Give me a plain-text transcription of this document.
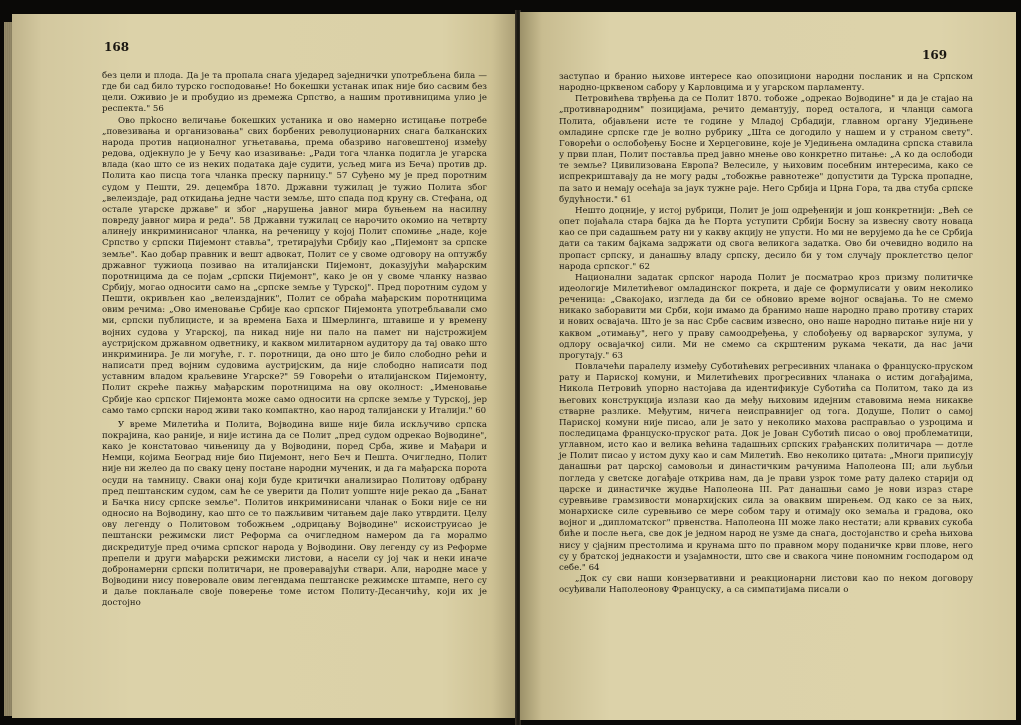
168

без цели и плода. Да је та пропала снага уједаред заједнички употребљена била — где би сад било турско господовање! Но бокешки устанак ипак није био сасвим без цели. Оживио је и пробудио из дремежа Српство, а нашим противницима улио је респекта." 56

Ово прkосно величање бокешких устаника и ово намерно истицање потребе „повезивања и организовања" свих борбених револуционарних снага балканских народа против националног угњетавања, према обазриво наговештеној између редова, одјекнуло је у Бечу као изазивање: „Ради тога чланка подигла је угарска влада (као што се из неких података даје судити, усљед мига из Беча) против др. Полита као писца тога чланка преску парницу." 57 Суђено му је пред поротним судом у Пешти, 29. децембра 1870. Државни тужилац је тужио Полита због „велеиздаје, рад откидања једне части земље, што спада под круну св. Стефана, од осталe угарске државе" и због „нарушења јавног мира буњењем на насилну повреду јавног мира и реда". 58 Државни тужилац се нарочито окомио на четврту алинеју инкриминисаног чланка, на реченицу у којој Полит спомиње „наде, које Српство у српски Пијемонт ставља", третирајући Србију као „Пијемонт за српске земље". Као добар правник и вешт адвокат, Полит се у своме одговору на оптужбу државног тужиоца позивао на италијански Пијемонт, доказујући мађарским поротницима да се појам „српски Пијемонт", како је он у своме чланку назвао Србију, могао односити само на „српске земље у Турској". Пред поротним судом у Пешти, окривљен као „велеиздајник", Полит се обраћа мађарским поротницима овим речима: „Ово именовање Србије као српског Пијемонта употребљавали смо ми, српски публицисте, и за времена Баха и Шмерлинга, штавише и у времену војних судова у Угарској, па никад није ни пало на памет ни најстрожијем аустријском државном одветнику, и каквом милитарном аудитору да тај овако што инкриминира. Је ли могуће, г. г. поротници, да оно што је било слободно рећи и написати пред војним судовима аустријским, да није слободно написати под уставним владом краљевине Угарске?" 59 Говорећи о италијанском Пијемонту, Полит скреће пажњу мађарским поротницима на ову околност: „Именовање Србије као српског Пијемонта може само односити на српске земље у Турској, јер само тамо српски народ живи тако компактно, као народ талијански у Италији." 60

У време Милетића и Полита, Војводина више није била искључиво српска покрајина, као раније, и није истина да се Полит „пред судом одрекао Војводине", како је констатовао чињеницу да у Војводини, поред Срба, живе и Мађари и Немци, којима Београд није био Пијемонт, него Беч и Пешта. Очигледно, Полит није ни желео да по свакy цену постане народни мученик, и да га мађарска порота осуди на тамницу. Сваки онај који буде критички анализирао Политову одбрану пред пештанским судом, сам ће се уверити да Полит уопште није рекао да „Банат и Бачка нису српске земље". Политов инкриминисани чланак о Боки није се ни односио на Војводину, као што се то пажљивим читањем даје лако утврдити. Целу ову легенду о Политовом тобожњем „одрицању Војводине" искоиструисао је пештански режимски лист Реформа са очигледном намером да га моралмо дискредитује пред очима српског народа у Војводини. Ову легенду су из Реформе препели и други мађарски режимски листови, а насели су јој чак и неки иначе добронамерни српски политичари, не проверавајући ствари. Али, народне масе у Војводини нису поверовале овим легендама пештанске режимске штампе, него су и даље поклањале своје поверење томе истом Политу-Десанчићу, који их је достојно

169

заступао и бранио њихове интересе као опозициони народни посланик и на Српском народно-црквеном сабору у Карловцима и у угарском парламенту.

Петровићева тврђења да се Полит 1870. тобоже „одрекао Војводине" и да је стајао на „противнародним" позицијама, речито демантују, поред осталога, и чланци самога Полита, објављени исте те године у Младој Србадији, главном органу Уједињене омладине српске где је волно рубрику „Шта се догодило у нашем и у страном свету". Говорећи о ослобођењу Босне и Херцеговине, које је Уједињена омладина српска ставила у први план, Полит поставља пред јавно мнење ово конкретно питање: „А ко да ослободи те земље? Цивилизована Европа? Велесиле, у њиховим посебним интересима, како се испрекриштавају да не могу рады „тобожње равнотеже" допустити да Турска пропадне, па зато и немају осећаја за јаук тужне раје. Него Србија и Црна Гора, та два стуба српске будућности." 61

Нешто доцније, у истој рубрици, Полит је још одређенији и још конкретнији: „Већ се опет појаћала стара бајка да ће Порта уступити Србији Босну за извесну своту новаца као се при садашњем рату ни у какву акцију не упусти. Но ми не верујемо да ће се Србија дати са таким бајкама задржати од свога великога задатка. Ово би очевидно водило на пропаст српску, и данашњу владу српску, десило би у том случају проклетство целог народа српског." 62

Национални задатак српског народа Полит је посматрао кроз призму политичке идеологије Милетићевог омладинског покрета, и даје се формулисати у овим неколико реченица: „Свакојако, изгледа да би се обновио време војног освајања. То не смемо никако заборавити ми Срби, који имамо да бранимо наше народно право противу старих и нових освајача. Што је за нас Србе сасвим извесно, оно наше народно питање није ни у каквом „отимању", него у праву самоодређења, у слобођењу од варварског зулума, у одлору освајачкој сили. Ми не смемо са скрштеним рукама чекати, да нас јачи прогутају." 63

Повлачећи паралелу између Суботићевих регресивних чланака о француско-пруском рату и Париској комуни, и Милетићевих прогресивних чланака о истим догађајима, Никола Петровић упорно настојава да идентификује Суботића са Политом, тако да из његових конструкција излази као да међу њиховим идејним ставовима нема никакве стварне разлике. Међутим, ничега неисправнијег од тога. Додуше, Полит о самој Париској комуни није писао, али је зато у неколико махова расправљао о узроцима и последицама француско-пруског рата. Док је Јован Суботић писао о овој проблематици, углавном, исто као и велика већина тадашњих српских грађанских политичара — дотле је Полит писао у истом духу као и сам Милетић. Ево неколико цитата: „Многи приписују данашњи рат царској самовољи и династичким рачунима Наполеона III; али љубљи погледа у светске догађаје открива нам, да је прави узрок томе рату далеко старији од царске и династичке жудње Наполеона III. Рат данашњи само је нови израз старе суревњиве грамзивости монархијских сила за оваквим ширењем. Од како се за њих, монархиске силе суревњиво се мере собом тару и отимају око земаља и градова, око војног и „дипломатског" првенства. Наполеона III може лако нестати; али крвавих сукоба биће и после њега, све док је једном народ не узме да снага, достојанство и срећа њихова нису у сјајним престолима и крунама што по правном мору поданичке крви плове, него су у братској једнакости и узајамности, што све и свакога чине пономним господаром од себе." 64

„Док су сви наши конзервативни и реакционарни листови као по неком договору осуђивали Наполеонову Француску, а са симпатијама писали о
